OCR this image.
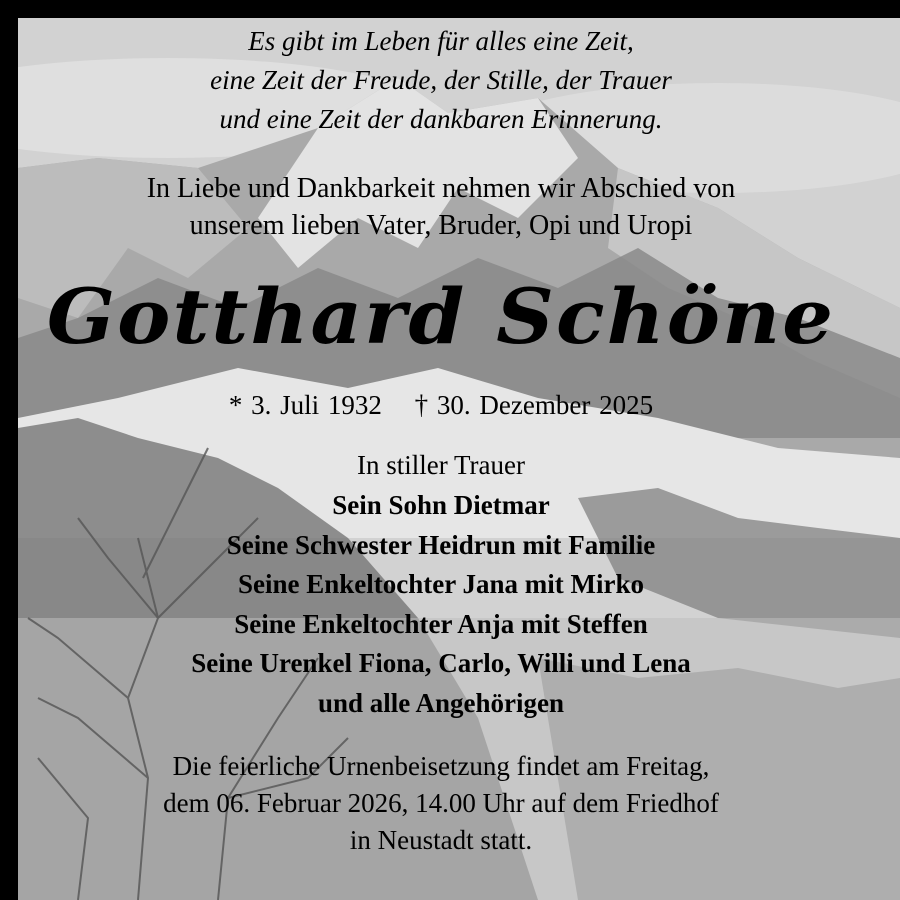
Es gibt im Leben für alles eine Zeit,
eine Zeit der Freude, der Stille, der Trauer
und eine Zeit der dankbaren Erinnerung.
In Liebe und Dankbarkeit nehmen wir Abschied von
unserem lieben Vater, Bruder, Opi und Uropi
Gotthard Schöne
* 3. Juli 1932 † 30. Dezember 2025
In stiller Trauer
Sein Sohn Dietmar
Seine Schwester Heidrun mit Familie
Seine Enkeltochter Jana mit Mirko
Seine Enkeltochter Anja mit Steffen
Seine Urenkel Fiona, Carlo, Willi und Lena
und alle Angehörigen
Die feierliche Urnenbeisetzung findet am Freitag,
dem 06. Februar 2026, 14.00 Uhr auf dem Friedhof
in Neustadt statt.
